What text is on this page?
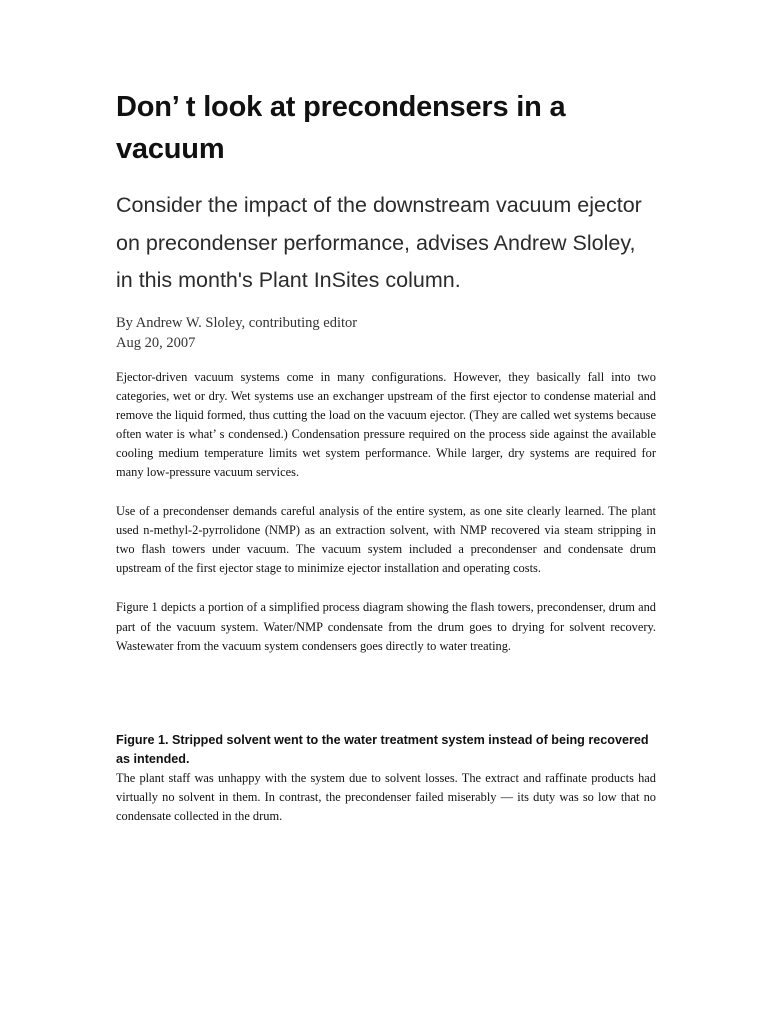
Don’ t look at precondensers in a vacuum

Consider the impact of the downstream vacuum ejector on precondenser performance, advises Andrew Sloley, in this month's Plant InSites column.

By Andrew W. Sloley, contributing editor
Aug 20, 2007

Ejector-driven vacuum systems come in many configurations. However, they basically fall into two categories, wet or dry. Wet systems use an exchanger upstream of the first ejector to condense material and remove the liquid formed, thus cutting the load on the vacuum ejector. (They are called wet systems because often water is what’ s condensed.) Condensation pressure required on the process side against the available cooling medium temperature limits wet system performance. While larger, dry systems are required for many low-pressure vacuum services.

Use of a precondenser demands careful analysis of the entire system, as one site clearly learned. The plant used n-methyl-2-pyrrolidone (NMP) as an extraction solvent, with NMP recovered via steam stripping in two flash towers under vacuum. The vacuum system included a precondenser and condensate drum upstream of the first ejector stage to minimize ejector installation and operating costs.

Figure 1 depicts a portion of a simplified process diagram showing the flash towers, precondenser, drum and part of the vacuum system. Water/NMP condensate from the drum goes to drying for solvent recovery. Wastewater from the vacuum system condensers goes directly to water treating.

Figure 1. Stripped solvent went to the water treatment system instead of being recovered as intended.

The plant staff was unhappy with the system due to solvent losses. The extract and raffinate products had virtually no solvent in them. In contrast, the precondenser failed miserably — its duty was so low that no condensate collected in the drum.
